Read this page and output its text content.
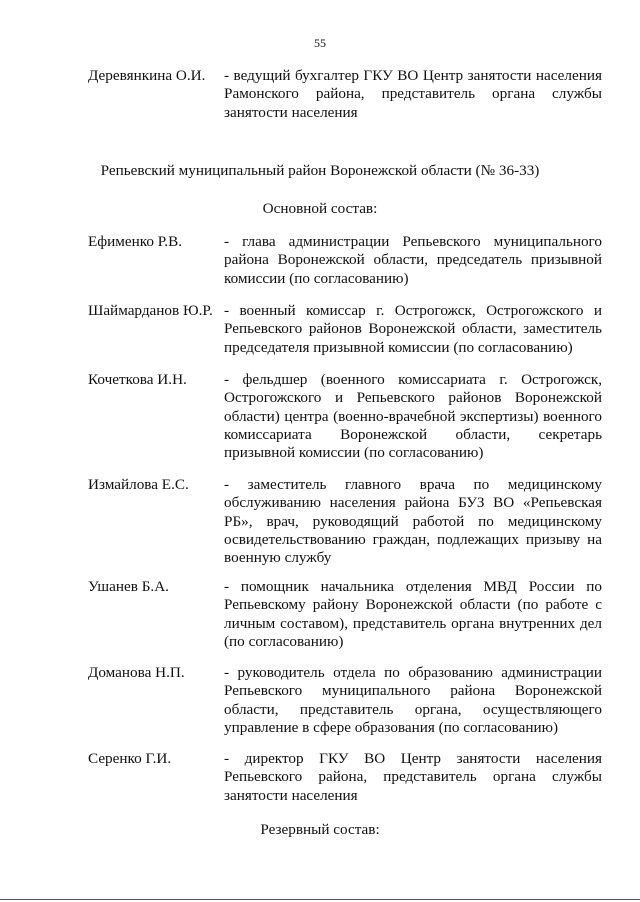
55
Деревянкина О.И.	- ведущий бухгалтер ГКУ ВО Центр занятости населения Рамонского района, представитель органа службы занятости населения
Репьевский муниципальный район Воронежской области (№ 36-33)
Основной состав:
Ефименко Р.В.	- глава администрации Репьевского муниципального района Воронежской области, председатель призывной комиссии (по согласованию)
Шаймарданов Ю.Р. - военный комиссар г. Острогожск, Острогожского и Репьевского районов Воронежской области, заместитель председателя призывной комиссии (по согласованию)
Кочеткова И.Н.	- фельдшер (военного комиссариата г. Острогожск, Острогожского и Репьевского районов Воронежской области) центра (военно-врачебной экспертизы) военного комиссариата Воронежской области, секретарь призывной комиссии (по согласованию)
Измайлова Е.С.	- заместитель главного врача по медицинскому обслуживанию населения района БУЗ ВО «Репьевская РБ», врач, руководящий работой по медицинскому освидетельствованию граждан, подлежащих призыву на военную службу
Ушанев Б.А.	- помощник начальника отделения МВД России по Репьевскому району Воронежской области (по работе с личным составом), представитель органа внутренних дел (по согласованию)
Доманова Н.П.	- руководитель отдела по образованию администрации Репьевского муниципального района Воронежской области, представитель органа, осуществляющего управление в сфере образования (по согласованию)
Серенко Г.И.	- директор ГКУ ВО Центр занятости населения Репьевского района, представитель органа службы занятости населения
Резервный состав:
